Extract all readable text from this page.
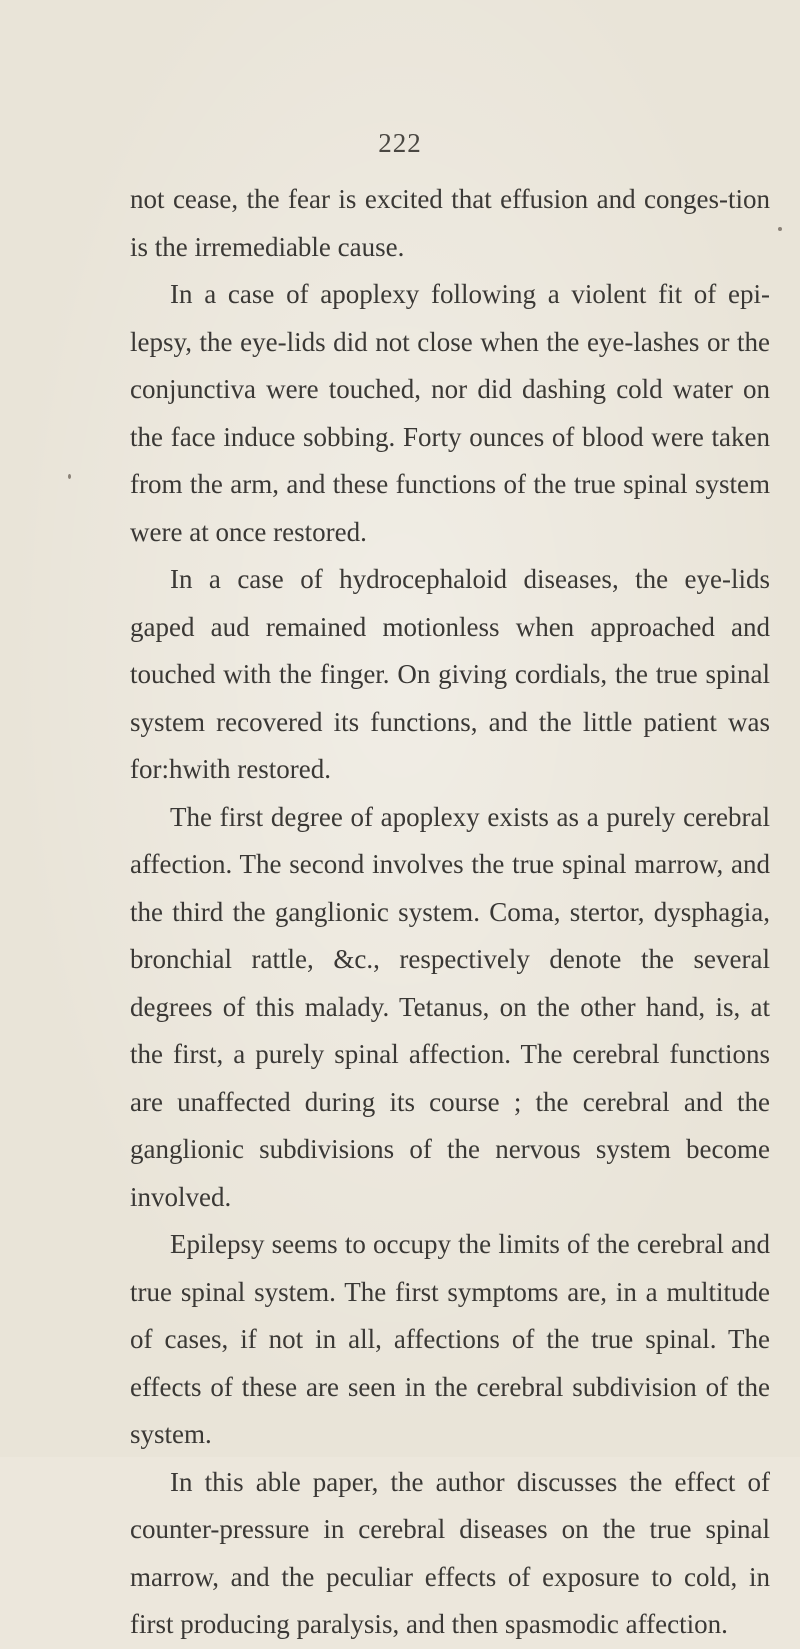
222

not cease, the fear is excited that effusion and conges-tion is the irremediable cause.

In a case of apoplexy following a violent fit of epi-lepsy, the eye-lids did not close when the eye-lashes or the conjunctiva were touched, nor did dashing cold water on the face induce sobbing. Forty ounces of blood were taken from the arm, and these functions of the true spinal system were at once restored.

In a case of hydrocephaloid diseases, the eye-lids gaped aud remained motionless when approached and touched with the finger. On giving cordials, the true spinal system recovered its functions, and the little patient was for:hwith restored.

The first degree of apoplexy exists as a purely cerebral affection. The second involves the true spinal marrow, and the third the ganglionic system. Coma, stertor, dysphagia, bronchial rattle, &c., respectively denote the several degrees of this malady. Tetanus, on the other hand, is, at the first, a purely spinal affection. The cerebral functions are unaffected during its course ; the cerebral and the ganglionic subdivisions of the nervous system become involved.

Epilepsy seems to occupy the limits of the cerebral and true spinal system. The first symptoms are, in a multitude of cases, if not in all, affections of the true spinal. The effects of these are seen in the cerebral subdivision of the system.

In this able paper, the author discusses the effect of counter-pressure in cerebral diseases on the true spinal marrow, and the peculiar effects of exposure to cold, in first producing paralysis, and then spasmodic affection.
